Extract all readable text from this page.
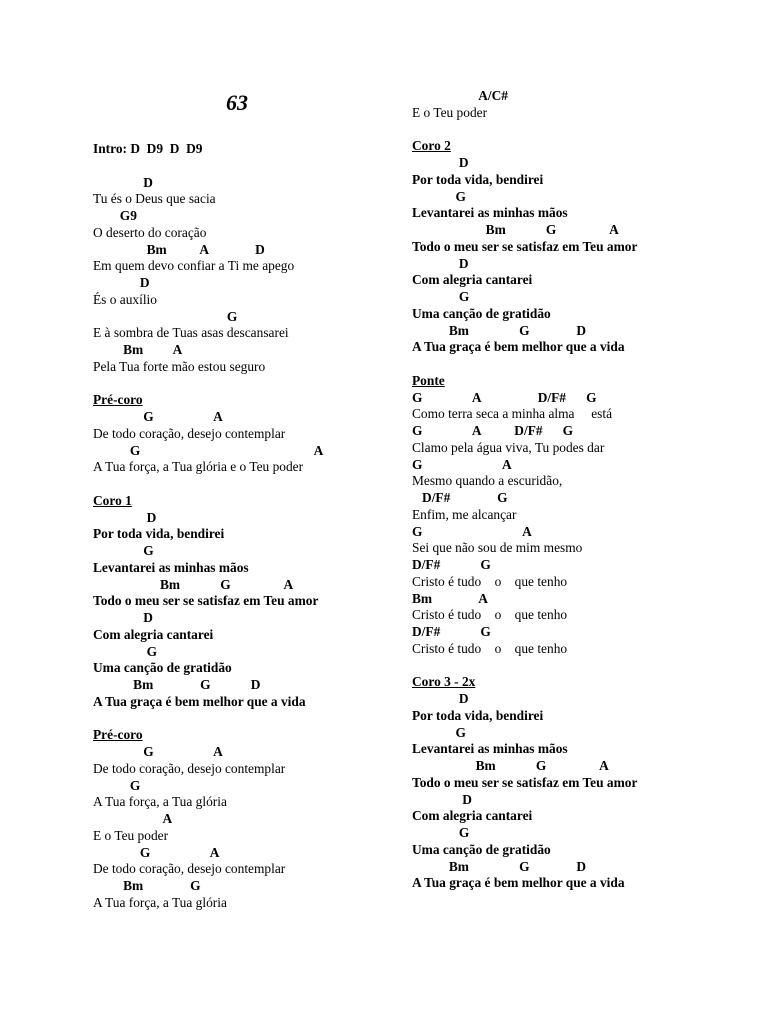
63
Intro: D  D9  D  D9
D
Tu és o Deus que sacia
G9
O deserto do coração
Bm          A              D
Em quem devo confiar a Ti me apego
D
És o auxílio
G
E à sombra de Tuas asas descansarei
Bm         A
Pela Tua forte mão estou seguro
Pré-coro
G                  A
De todo coração, desejo contemplar
G                                                    A
A Tua força, a Tua glória e o Teu poder
Coro 1
D
Por toda vida, bendirei
G
Levantarei as minhas mãos
Bm            G                A
Todo o meu ser se satisfaz em Teu amor
D
Com alegria cantarei
G
Uma canção de gratidão
Bm              G            D
A Tua graça é bem melhor que a vida
Pré-coro
G                  A
De todo coração, desejo contemplar
G
A Tua força, a Tua glória
A
E o Teu poder
G                  A
De todo coração, desejo contemplar
Bm              G
A Tua força, a Tua glória
A/C#
E o Teu poder
Coro 2
D
Por toda vida, bendirei
G
Levantarei as minhas mãos
Bm            G                A
Todo o meu ser se satisfaz em Teu amor
D
Com alegria cantarei
G
Uma canção de gratidão
Bm               G              D
A Tua graça é bem melhor que a vida
Ponte
G               A                 D/F#      G
Como terra seca a minha alma     está
G               A          D/F#      G
Clamo pela água viva, Tu podes dar
G                        A
Mesmo quando a escuridão,
D/F#              G
Enfim, me alcançar
G                              A
Sei que não sou de mim mesmo
D/F#            G
Cristo é tudo    o    que tenho
Bm              A
Cristo é tudo    o    que tenho
D/F#            G
Cristo é tudo    o    que tenho
Coro 3 - 2x
D
Por toda vida, bendirei
G
Levantarei as minhas mãos
Bm            G                A
Todo o meu ser se satisfaz em Teu amor
D
Com alegria cantarei
G
Uma canção de gratidão
Bm               G              D
A Tua graça é bem melhor que a vida
